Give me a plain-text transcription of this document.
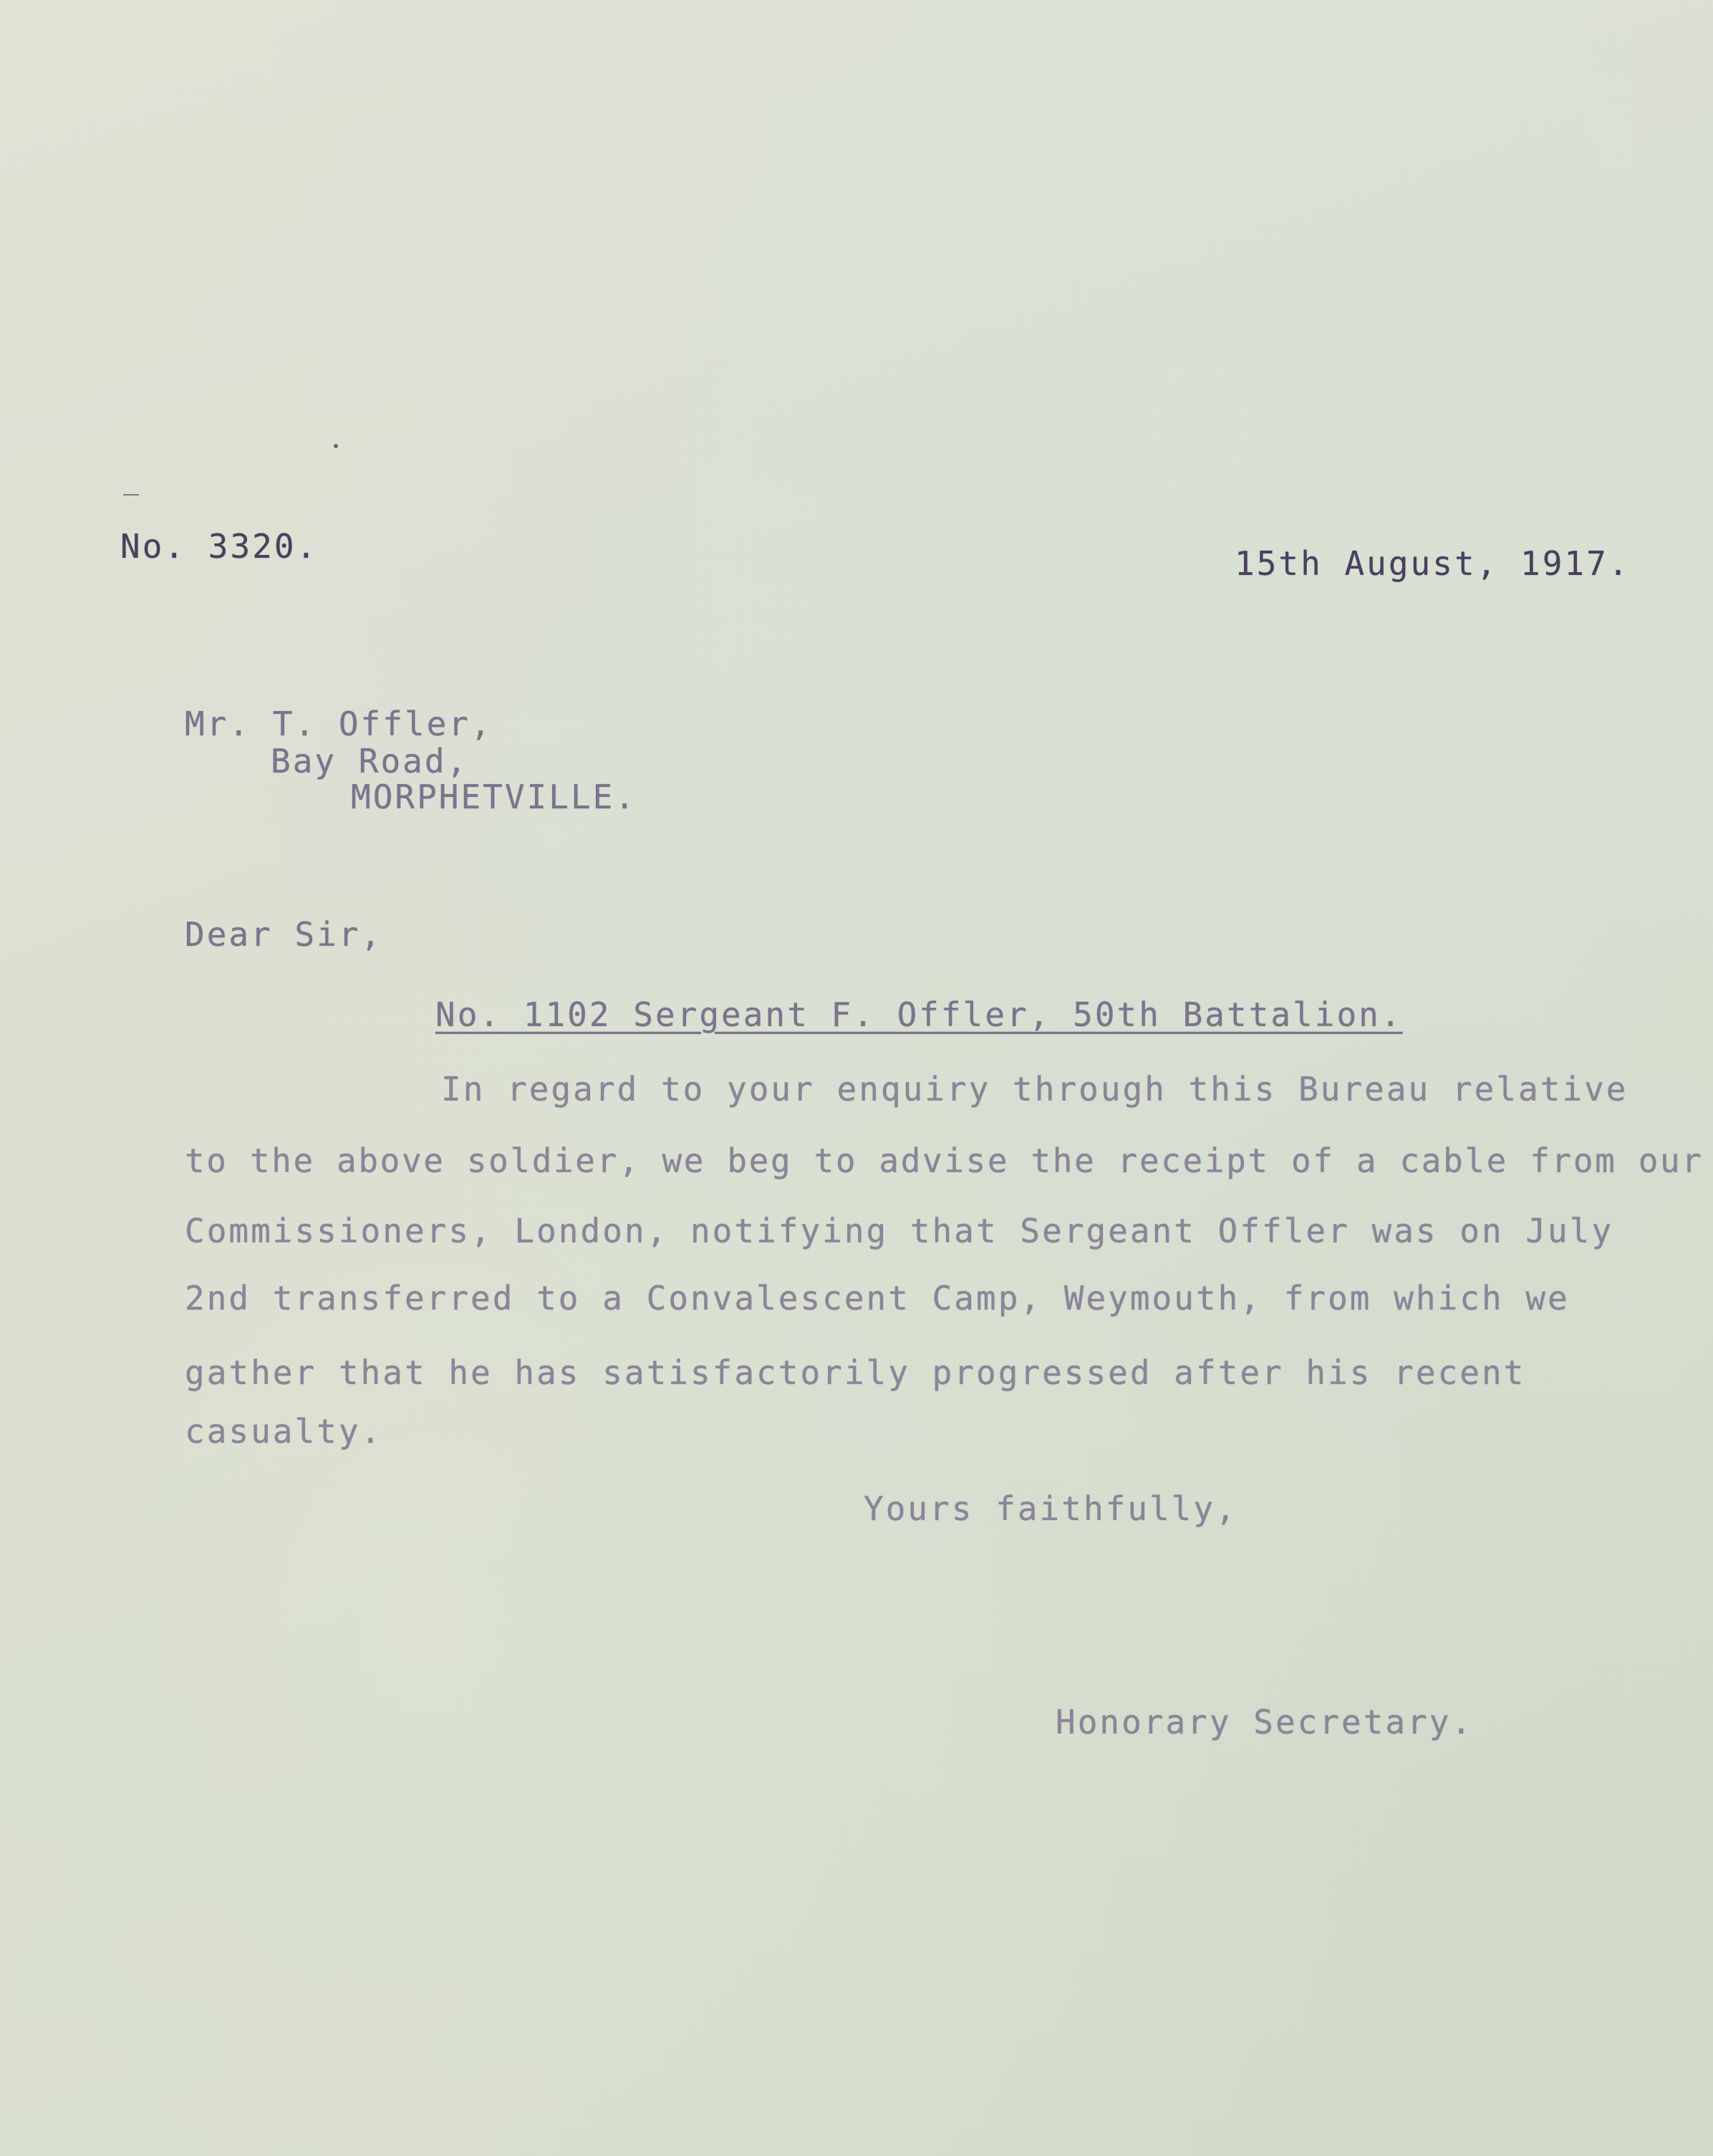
No. 3320.	15th August, 1917.
Mr. T. Offler,
Bay Road,
MORPHETVILLE.
Dear Sir,
No. 1102 Sergeant F. Offler, 50th Battalion.
In regard to your enquiry through this Bureau relative
to the above soldier, we beg to advise the receipt of a cable from our
Commissioners, London, notifying that Sergeant Offler was on July
2nd transferred to a Convalescent Camp, Weymouth, from which we
gather that he has satisfactorily progressed after his recent
casualty.
Yours faithfully,
Honorary Secretary.
